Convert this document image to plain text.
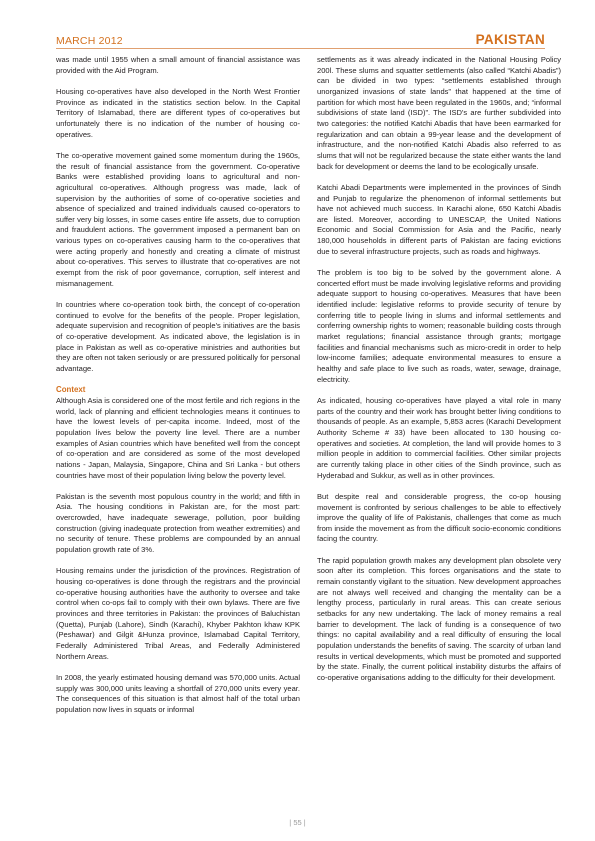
MARCH 2012	PAKISTAN

was made until 1955 when a small amount of financial assistance was provided with the Aid Program.

Housing co-operatives have also developed in the North West Frontier Province as indicated in the statistics section below. In the Capital Territory of Islamabad, there are different types of co-operatives but unfortunately there is no indication of the number of housing co-operatives.

The co-operative movement gained some momentum during the 1960s, the result of financial assistance from the government. Co-operative Banks were established providing loans to agricultural and non-agricultural co-operatives. Although progress was made, lack of supervision by the authorities of some of co-operative societies and absence of specialized and trained individuals caused co-operators to suffer very big losses, in some cases entire life assets, due to corruption and fraudulent actions. The government imposed a permanent ban on various types on co-operatives causing harm to the co-operatives that were acting properly and honestly and creating a climate of mistrust about co-operatives. This serves to illustrate that co-operatives are not exempt from the risk of poor governance, corruption, self interest and mismanagement.

In countries where co-operation took birth, the concept of co-operation continued to evolve for the benefits of the people. Proper legislation, adequate supervision and recognition of people's initiatives are the basis of co-operative development. As indicated above, the legislation is in place in Pakistan as well as co-operative ministries and authorities but they are often not taken seriously or are pressured politically for personal advantage.

Context

Although Asia is considered one of the most fertile and rich regions in the world, lack of planning and efficient technologies means it continues to have the lowest levels of per-capita income. Indeed, most of the population lives below the poverty line level. There are a number examples of Asian countries which have benefited well from the concept of co-operation and are considered as some of the most developed nations - Japan, Malaysia, Singapore, China and Sri Lanka - but others countries have most of their population living below the poverty level.

Pakistan is the seventh most populous country in the world; and fifth in Asia. The housing conditions in Pakistan are, for the most part: overcrowded, have inadequate sewerage, pollution, poor building construction (giving inadequate protection from weather extremities) and no security of tenure. These problems are compounded by an annual population growth rate of 3%.

Housing remains under the jurisdiction of the provinces. Registration of housing co-operatives is done through the registrars and the provincial co-operative housing authorities have the authority to oversee and take control when co-ops fail to comply with their own bylaws. There are five provinces and three territories in Pakistan: the provinces of Baluchistan (Quetta), Punjab (Lahore), Sindh (Karachi), Khyber Pakhton khaw KPK (Peshawar) and Gilgit &Hunza province, Islamabad Capital Territory, Federally Administered Tribal Areas, and Federally Administered Northern Areas.

In 2008, the yearly estimated housing demand was 570,000 units. Actual supply was 300,000 units leaving a shortfall of 270,000 units every year. The consequences of this situation is that almost half of the total urban population now lives in squats or informal

settlements as it was already indicated in the National Housing Policy 200l. These slums and squatter settlements (also called “Katchi Abadis”) can be divided in two types: “settlements established through unorganized invasions of state lands” that happened at the time of partition for which most have been regulated in the 1960s, and; “informal subdivisions of state land (ISD)”. The ISD's are further subdivided into two categories: the notified Katchi Abadis that have been earmarked for regularization and can obtain a 99-year lease and the development of infrastructure, and the non-notified Katchi Abadis also referred to as slums that will not be regularized because the state either wants the land back for development or deems the land to be ecologically unsafe.

Katchi Abadi Departments were implemented in the provinces of Sindh and Punjab to regularize the phenomenon of informal settlements but have not achieved much success. In Karachi alone, 650 Katchi Abadis are listed. Moreover, according to UNESCAP, the United Nations Economic and Social Commission for Asia and the Pacific, nearly 180,000 households in different parts of Pakistan are facing evictions due to several infrastructure projects, such as roads and highways.

The problem is too big to be solved by the government alone. A concerted effort must be made involving legislative reforms and providing adequate support to housing co-operatives. Measures that have been identified include: legislative reforms to provide security of tenure by conferring title to people living in slums and informal settlements and conferring ownership rights to women; reasonable building costs through market regulations; financial assistance through grants; mortgage facilities and financial mechanisms such as micro-credit in order to help low-income families; adequate environmental measures to ensure a healthy and safe place to live such as roads, water, sewage, drainage, electricity.

As indicated, housing co-operatives have played a vital role in many parts of the country and their work has brought better living conditions to thousands of people. As an example, 5,853 acres (Karachi Development Authority Scheme # 33) have been allocated to 130 housing co-operatives and societies. At completion, the land will provide homes to 3 million people in addition to commercial facilities. Other similar projects are currently taking place in other cities of the Sindh province, such as Hyderabad and Sukkur, as well as in other provinces.

But despite real and considerable progress, the co-op housing movement is confronted by serious challenges to be able to effectively improve the quality of life of Pakistanis, challenges that come as much from inside the movement as from the difficult socio-economic conditions facing the country.

The rapid population growth makes any development plan obsolete very soon after its completion. This forces organisations and the state to remain constantly vigilant to the situation. New development approaches are not always well received and changing the mentality can be a lengthy process, particularly in rural areas. This can create serious setbacks for any new undertaking. The lack of money remains a real barrier to development. The lack of funding is a consequence of two things: no capital availability and a real difficulty of ensuring the local population understands the benefits of saving. The scarcity of urban land results in vertical developments, which must be promoted and supported by the state. Finally, the current political instability disturbs the affairs of co-operative organisations adding to the difficulty for their development.

| 55 |
